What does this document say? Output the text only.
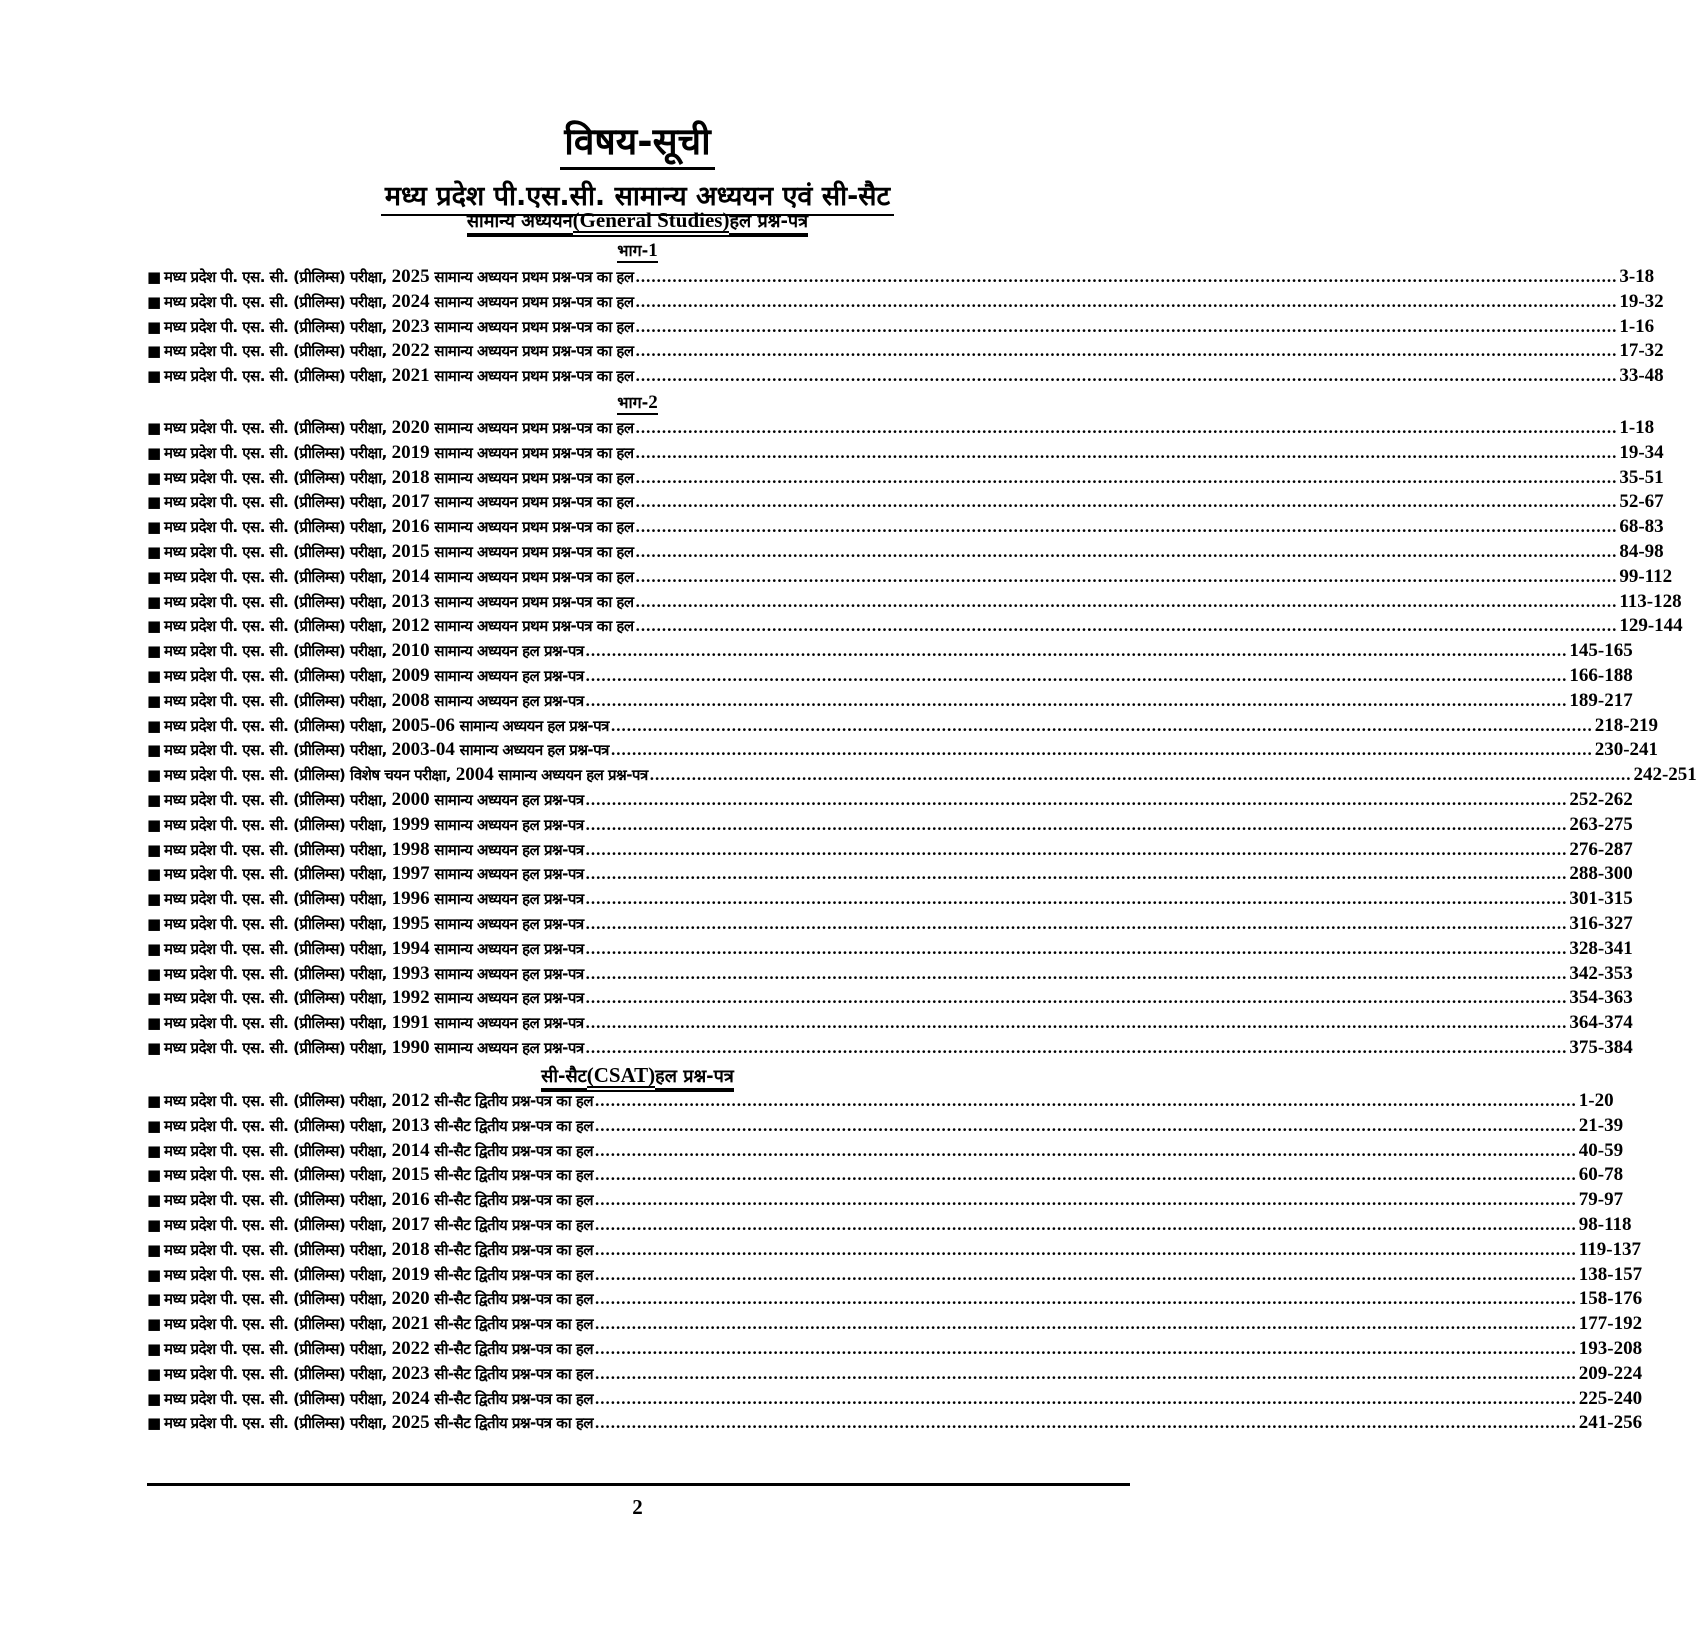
विषय-सूची
मध्य प्रदेश पी.एस.सी. सामान्य अध्ययन एवं सी-सैट
सामान्य अध्ययन(General Studies)हल प्रश्न-पत्र
भाग-1
■ मध्य प्रदेश पी. एस. सी. (प्रीलिम्स) परीक्षा, 2025 सामान्य अध्ययन प्रथम प्रश्न-पत्र का हल ........................................................................................................................................................................................... 3-18
■ मध्य प्रदेश पी. एस. सी. (प्रीलिम्स) परीक्षा, 2024 सामान्य अध्ययन प्रथम प्रश्न-पत्र का हल ........................................................................................................................................................................................... 19-32
■ मध्य प्रदेश पी. एस. सी. (प्रीलिम्स) परीक्षा, 2023 सामान्य अध्ययन प्रथम प्रश्न-पत्र का हल ........................................................................................................................................................................................... 1-16
■ मध्य प्रदेश पी. एस. सी. (प्रीलिम्स) परीक्षा, 2022 सामान्य अध्ययन प्रथम प्रश्न-पत्र का हल ........................................................................................................................................................................................... 17-32
■ मध्य प्रदेश पी. एस. सी. (प्रीलिम्स) परीक्षा, 2021 सामान्य अध्ययन प्रथम प्रश्न-पत्र का हल ........................................................................................................................................................................................... 33-48
भाग-2
■ मध्य प्रदेश पी. एस. सी. (प्रीलिम्स) परीक्षा, 2020 सामान्य अध्ययन प्रथम प्रश्न-पत्र का हल ........................................................................................................................................................................................... 1-18
■ मध्य प्रदेश पी. एस. सी. (प्रीलिम्स) परीक्षा, 2019 सामान्य अध्ययन प्रथम प्रश्न-पत्र का हल ........................................................................................................................................................................................... 19-34
■ मध्य प्रदेश पी. एस. सी. (प्रीलिम्स) परीक्षा, 2018 सामान्य अध्ययन प्रथम प्रश्न-पत्र का हल ........................................................................................................................................................................................... 35-51
■ मध्य प्रदेश पी. एस. सी. (प्रीलिम्स) परीक्षा, 2017 सामान्य अध्ययन प्रथम प्रश्न-पत्र का हल ........................................................................................................................................................................................... 52-67
■ मध्य प्रदेश पी. एस. सी. (प्रीलिम्स) परीक्षा, 2016 सामान्य अध्ययन प्रथम प्रश्न-पत्र का हल ........................................................................................................................................................................................... 68-83
■ मध्य प्रदेश पी. एस. सी. (प्रीलिम्स) परीक्षा, 2015 सामान्य अध्ययन प्रथम प्रश्न-पत्र का हल ........................................................................................................................................................................................... 84-98
■ मध्य प्रदेश पी. एस. सी. (प्रीलिम्स) परीक्षा, 2014 सामान्य अध्ययन प्रथम प्रश्न-पत्र का हल ........................................................................................................................................................................................... 99-112
■ मध्य प्रदेश पी. एस. सी. (प्रीलिम्स) परीक्षा, 2013 सामान्य अध्ययन प्रथम प्रश्न-पत्र का हल ........................................................................................................................................................................................... 113-128
■ मध्य प्रदेश पी. एस. सी. (प्रीलिम्स) परीक्षा, 2012 सामान्य अध्ययन प्रथम प्रश्न-पत्र का हल ........................................................................................................................................................................................... 129-144
■ मध्य प्रदेश पी. एस. सी. (प्रीलिम्स) परीक्षा, 2010 सामान्य अध्ययन हल प्रश्न-पत्र ........................................................................................................................................................................................... 145-165
■ मध्य प्रदेश पी. एस. सी. (प्रीलिम्स) परीक्षा, 2009 सामान्य अध्ययन हल प्रश्न-पत्र ........................................................................................................................................................................................... 166-188
■ मध्य प्रदेश पी. एस. सी. (प्रीलिम्स) परीक्षा, 2008 सामान्य अध्ययन हल प्रश्न-पत्र ........................................................................................................................................................................................... 189-217
■ मध्य प्रदेश पी. एस. सी. (प्रीलिम्स) परीक्षा, 2005-06 सामान्य अध्ययन हल प्रश्न-पत्र ........................................................................................................................................................................................... 218-219
■ मध्य प्रदेश पी. एस. सी. (प्रीलिम्स) परीक्षा, 2003-04 सामान्य अध्ययन हल प्रश्न-पत्र ........................................................................................................................................................................................... 230-241
■ मध्य प्रदेश पी. एस. सी. (प्रीलिम्स) विशेष चयन परीक्षा, 2004 सामान्य अध्ययन हल प्रश्न-पत्र ........................................................................................................................................................................................... 242-251
■ मध्य प्रदेश पी. एस. सी. (प्रीलिम्स) परीक्षा, 2000 सामान्य अध्ययन हल प्रश्न-पत्र ........................................................................................................................................................................................... 252-262
■ मध्य प्रदेश पी. एस. सी. (प्रीलिम्स) परीक्षा, 1999 सामान्य अध्ययन हल प्रश्न-पत्र ........................................................................................................................................................................................... 263-275
■ मध्य प्रदेश पी. एस. सी. (प्रीलिम्स) परीक्षा, 1998 सामान्य अध्ययन हल प्रश्न-पत्र ........................................................................................................................................................................................... 276-287
■ मध्य प्रदेश पी. एस. सी. (प्रीलिम्स) परीक्षा, 1997 सामान्य अध्ययन हल प्रश्न-पत्र ........................................................................................................................................................................................... 288-300
■ मध्य प्रदेश पी. एस. सी. (प्रीलिम्स) परीक्षा, 1996 सामान्य अध्ययन हल प्रश्न-पत्र ........................................................................................................................................................................................... 301-315
■ मध्य प्रदेश पी. एस. सी. (प्रीलिम्स) परीक्षा, 1995 सामान्य अध्ययन हल प्रश्न-पत्र ........................................................................................................................................................................................... 316-327
■ मध्य प्रदेश पी. एस. सी. (प्रीलिम्स) परीक्षा, 1994 सामान्य अध्ययन हल प्रश्न-पत्र ........................................................................................................................................................................................... 328-341
■ मध्य प्रदेश पी. एस. सी. (प्रीलिम्स) परीक्षा, 1993 सामान्य अध्ययन हल प्रश्न-पत्र ........................................................................................................................................................................................... 342-353
■ मध्य प्रदेश पी. एस. सी. (प्रीलिम्स) परीक्षा, 1992 सामान्य अध्ययन हल प्रश्न-पत्र ........................................................................................................................................................................................... 354-363
■ मध्य प्रदेश पी. एस. सी. (प्रीलिम्स) परीक्षा, 1991 सामान्य अध्ययन हल प्रश्न-पत्र ........................................................................................................................................................................................... 364-374
■ मध्य प्रदेश पी. एस. सी. (प्रीलिम्स) परीक्षा, 1990 सामान्य अध्ययन हल प्रश्न-पत्र ........................................................................................................................................................................................... 375-384
सी-सैट(CSAT)हल प्रश्न-पत्र
■ मध्य प्रदेश पी. एस. सी. (प्रीलिम्स) परीक्षा, 2012 सी-सैट द्वितीय प्रश्न-पत्र का हल ........................................................................................................................................................................................... 1-20
■ मध्य प्रदेश पी. एस. सी. (प्रीलिम्स) परीक्षा, 2013 सी-सैट द्वितीय प्रश्न-पत्र का हल ........................................................................................................................................................................................... 21-39
■ मध्य प्रदेश पी. एस. सी. (प्रीलिम्स) परीक्षा, 2014 सी-सैट द्वितीय प्रश्न-पत्र का हल ........................................................................................................................................................................................... 40-59
■ मध्य प्रदेश पी. एस. सी. (प्रीलिम्स) परीक्षा, 2015 सी-सैट द्वितीय प्रश्न-पत्र का हल ........................................................................................................................................................................................... 60-78
■ मध्य प्रदेश पी. एस. सी. (प्रीलिम्स) परीक्षा, 2016 सी-सैट द्वितीय प्रश्न-पत्र का हल ........................................................................................................................................................................................... 79-97
■ मध्य प्रदेश पी. एस. सी. (प्रीलिम्स) परीक्षा, 2017 सी-सैट द्वितीय प्रश्न-पत्र का हल ........................................................................................................................................................................................... 98-118
■ मध्य प्रदेश पी. एस. सी. (प्रीलिम्स) परीक्षा, 2018 सी-सैट द्वितीय प्रश्न-पत्र का हल ........................................................................................................................................................................................... 119-137
■ मध्य प्रदेश पी. एस. सी. (प्रीलिम्स) परीक्षा, 2019 सी-सैट द्वितीय प्रश्न-पत्र का हल ........................................................................................................................................................................................... 138-157
■ मध्य प्रदेश पी. एस. सी. (प्रीलिम्स) परीक्षा, 2020 सी-सैट द्वितीय प्रश्न-पत्र का हल ........................................................................................................................................................................................... 158-176
■ मध्य प्रदेश पी. एस. सी. (प्रीलिम्स) परीक्षा, 2021 सी-सैट द्वितीय प्रश्न-पत्र का हल ........................................................................................................................................................................................... 177-192
■ मध्य प्रदेश पी. एस. सी. (प्रीलिम्स) परीक्षा, 2022 सी-सैट द्वितीय प्रश्न-पत्र का हल ........................................................................................................................................................................................... 193-208
■ मध्य प्रदेश पी. एस. सी. (प्रीलिम्स) परीक्षा, 2023 सी-सैट द्वितीय प्रश्न-पत्र का हल ........................................................................................................................................................................................... 209-224
■ मध्य प्रदेश पी. एस. सी. (प्रीलिम्स) परीक्षा, 2024 सी-सैट द्वितीय प्रश्न-पत्र का हल ........................................................................................................................................................................................... 225-240
■ मध्य प्रदेश पी. एस. सी. (प्रीलिम्स) परीक्षा, 2025 सी-सैट द्वितीय प्रश्न-पत्र का हल ........................................................................................................................................................................................... 241-256
2
